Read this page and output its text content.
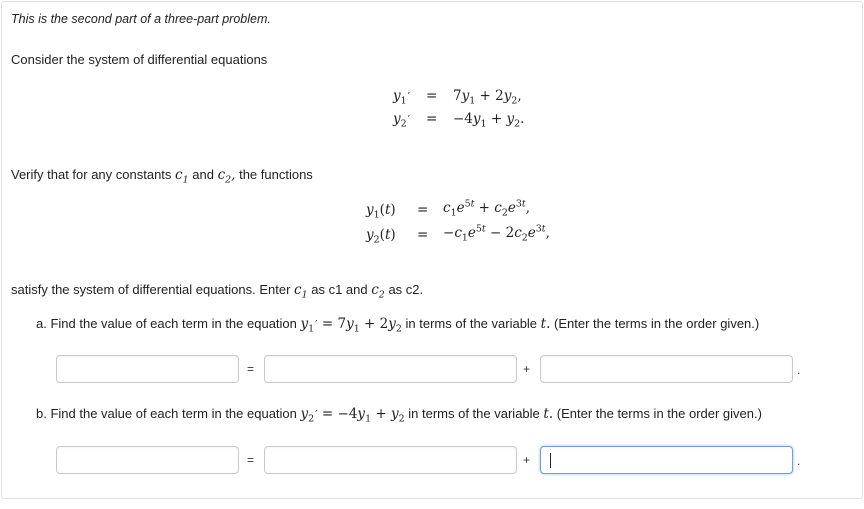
This is the second part of a three-part problem.
Consider the system of differential equations
$y_1' = 7y_1 + 2y_2$,
$y_2' = -4y_1 + y_2$.
Verify that for any constants $c_1$ and $c_2$, the functions
$y_1(t) = c_1e^{5t} + c_2e^{3t}$,
$y_2(t) = -c_1e^{5t} - 2c_2e^{3t}$,
satisfy the system of differential equations. Enter $c_1$ as c1 and $c_2$ as c2.
a. Find the value of each term in the equation $y_1' = 7y_1 + 2y_2$ in terms of the variable t. (Enter the terms in the order given.)
=	+	.
b. Find the value of each term in the equation $y_2' = -4y_1 + y_2$ in terms of the variable t. (Enter the terms in the order given.)
=	+	.
